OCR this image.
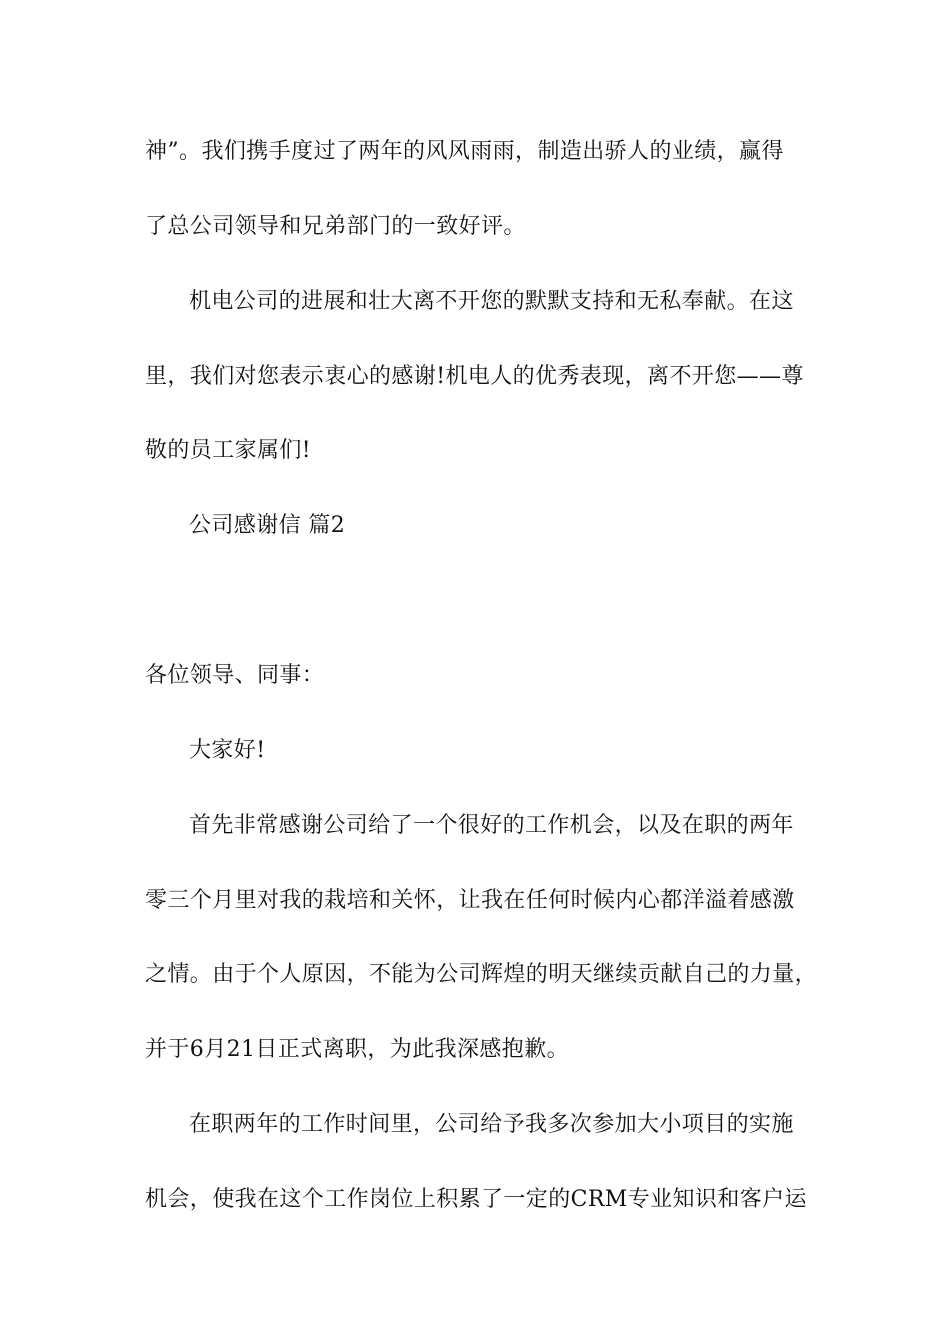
神”。我们携手度过了两年的风风雨雨，制造出骄人的业绩，赢得
了总公司领导和兄弟部门的一致好评。
机电公司的进展和壮大离不开您的默默支持和无私奉献。在这
里，我们对您表示衷心的感谢!机电人的优秀表现，离不开您——尊
敬的员工家属们!
公司感谢信 篇2
各位领导、同事：
大家好!
首先非常感谢公司给了一个很好的工作机会，以及在职的两年
零三个月里对我的栽培和关怀，让我在任何时候内心都洋溢着感激
之情。由于个人原因，不能为公司辉煌的明天继续贡献自己的力量，
并于6月21日正式离职，为此我深感抱歉。
在职两年的工作时间里，公司给予我多次参加大小项目的实施
机会，使我在这个工作岗位上积累了一定的CRM专业知识和客户运
